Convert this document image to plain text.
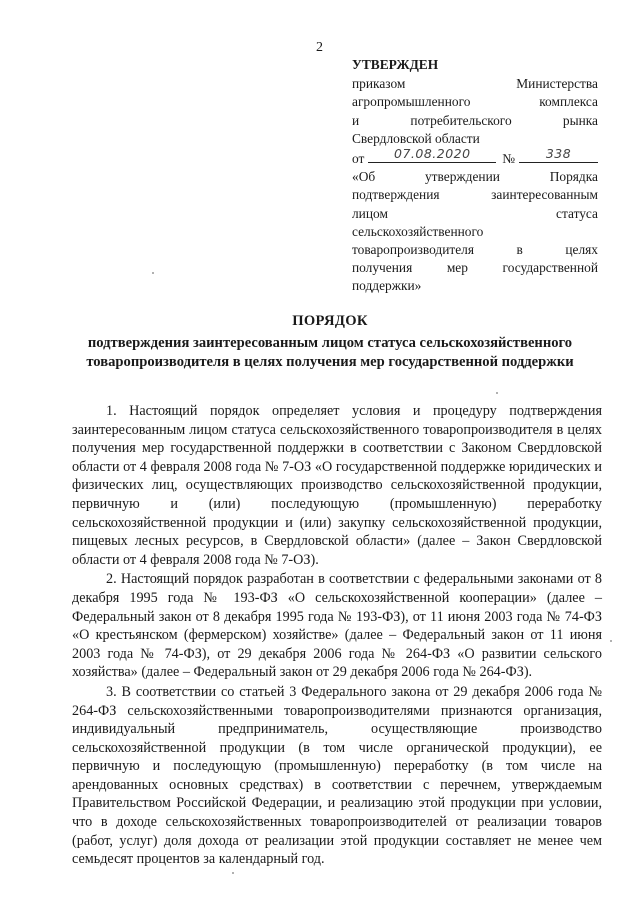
2
УТВЕРЖДЕН
приказом Министерства
агропромышленного комплекса
и потребительского рынка
Свердловской области
от	07.08.2020	№	338
«Об утверждении Порядка
подтверждения заинтересованным
лицом статуса
сельскохозяйственного
товаропроизводителя в целях
получения мер государственной
поддержки»
ПОРЯДОК
подтверждения заинтересованным лицом статуса сельскохозяйственного
товаропроизводителя в целях получения мер государственной поддержки

1. Настоящий порядок определяет условия и процедуру подтверждения заинтересованным лицом статуса сельскохозяйственного товаропроизводителя в целях получения мер государственной поддержки в соответствии с Законом Свердловской области от 4 февраля 2008 года № 7-ОЗ «О государственной поддержке юридических и физических лиц, осуществляющих производство сельскохозяйственной продукции, первичную и (или) последующую (промышленную) переработку сельскохозяйственной продукции и (или) закупку сельскохозяйственной продукции, пищевых лесных ресурсов, в Свердловской области» (далее – Закон Свердловской области от 4 февраля 2008 года № 7-ОЗ).

2. Настоящий порядок разработан в соответствии с федеральными законами от 8 декабря 1995 года № 193-ФЗ «О сельскохозяйственной кооперации» (далее – Федеральный закон от 8 декабря 1995 года № 193-ФЗ), от 11 июня 2003 года № 74-ФЗ «О крестьянском (фермерском) хозяйстве» (далее – Федеральный закон от 11 июня 2003 года № 74-ФЗ), от 29 декабря 2006 года № 264-ФЗ «О развитии сельского хозяйства» (далее – Федеральный закон от 29 декабря 2006 года № 264-ФЗ).

3. В соответствии со статьей 3 Федерального закона от 29 декабря 2006 года № 264-ФЗ сельскохозяйственными товаропроизводителями признаются организация, индивидуальный предприниматель, осуществляющие производство сельскохозяйственной продукции (в том числе органической продукции), ее первичную и последующую (промышленную) переработку (в том числе на арендованных основных средствах) в соответствии с перечнем, утверждаемым Правительством Российской Федерации, и реализацию этой продукции при условии, что в доходе сельскохозяйственных товаропроизводителей от реализации товаров (работ, услуг) доля дохода от реализации этой продукции составляет не менее чем семьдесят процентов за календарный год.
